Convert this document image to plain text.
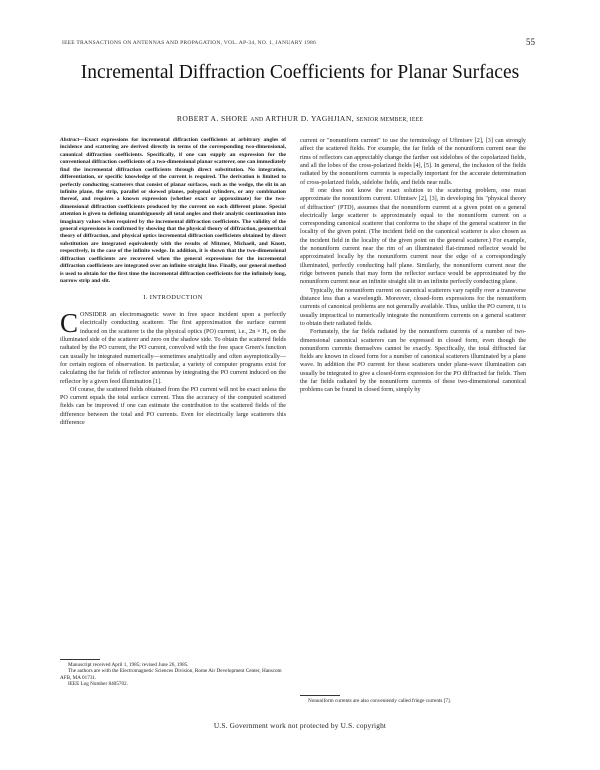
IEEE TRANSACTIONS ON ANTENNAS AND PROPAGATION, VOL. AP-34, NO. 1, JANUARY 1986	55
Incremental Diffraction Coefficients for Planar Surfaces
ROBERT A. SHORE AND ARTHUR D. YAGHJIAN, SENIOR MEMBER, IEEE
Abstract—Exact expressions for incremental diffraction coefficients at arbitrary angles of incidence and scattering are derived directly in terms of the corresponding two-dimensional, canonical diffraction coefficients. Specifically, if one can supply an expression for the conventional diffraction coefficients of a two-dimensional planar scatterer, one can immediately find the incremental diffraction coefficients through direct substitution. No integration, differentiation, or specific knowledge of the current is required. The derivation is limited to perfectly conducting scatterers that consist of planar surfaces, such as the wedge, the slit in an infinite plane, the strip, parallel or skewed planes, polygonal cylinders, or any combination thereof, and requires a known expression (whether exact or approximate) for the two-dimensional diffraction coefficients produced by the current on each different plane. Special attention is given to defining unambiguously all total angles and their analytic continuation into imaginary values when required by the incremental diffraction coefficients. The validity of the general expressions is confirmed by showing that the physical theory of diffraction, geometrical theory of diffraction, and physical optics incremental diffraction coefficients obtained by direct substitution are integrated equivalently with the results of Mitzner, Michaeli, and Knott, respectively, in the case of the infinite wedge. In addition, it is shown that the two-dimensional diffraction coefficients are recovered when the general expressions for the incremental diffraction coefficients are integrated over an infinite straight line. Finally, our general method is used to obtain for the first time the incremental diffraction coefficients for the infinitely long, narrow strip and slit.
I. INTRODUCTION

CONSIDER an electromagnetic wave in free space incident upon a perfectly electrically conducting scatterer. The first approximation the surface current induced on the scatterer is the the physical optics (PO) current, i.e., 2n × H₀ on the illuminated side of the scatterer and zero on the shadow side. To obtain the scattered fields radiated by the PO current, the PO current, convolved with the free space Green's function can usually be integrated numerically—sometimes analytically and often asymptotically—for certain regions of observation. In particular, a variety of computer programs exist for calculating the far fields of reflector antennas by integrating the PO current induced on the reflector by a given feed illumination [1].

Of course, the scattered fields obtained from the PO current will not be exact unless the PO current equals the total surface current. Thus the accuracy of the computed scattered fields can be improved if one can estimate the contribution to the scattered fields of the difference between the total and PO currents. Even for electrically large scatterers this difference

Manuscript received April 1, 1985; revised June 26, 1985.
The authors are with the Electromagnetic Sciences Division, Rome Air Development Center, Hanscom AFB, MA 01731.
IEEE Log Number 8405702.

current or "nonuniform current" to use the terminology of Ufimtsev [2], [3] can strongly affect the scattered fields. For example, the far fields of the nonuniform current near the rims of reflectors can appreciably change the farther out sidelobes of the copolarized fields, and all the lobes of the cross-polarized fields [4], [5]. In general, the inclusion of the fields radiated by the nonuniform currents is especially important for the accurate determination of cross-polarized fields, sidelobe fields, and fields near nulls.

If one does not know the exact solution to the scattering problem, one must approximate the nonuniform current. Ufimtsev [2], [3], in developing his "physical theory of diffraction" (PTD), assumes that the nonuniform current at a given point on a general electrically large scatterer is approximately equal to the nonuniform current on a corresponding canonical scatterer that conforms to the shape of the general scatterer in the locality of the given point. (The incident field on the canonical scatterer is also chosen as the incident field in the locality of the given point on the general scatterer.) For example, the nonuniform current near the rim of an illuminated flat-rimmed reflector would be approximated locally by the nonuniform current near the edge of a correspondingly illuminated, perfectly conducting half plane. Similarly, the nonuniform current near the ridge between panels that may form the reflector surface would be approximated by the nonuniform current near an infinite straight slit in an infinite perfectly conducting plane.

Typically, the nonuniform current on canonical scatterers vary rapidly over a transverse distance less than a wavelength. Moreover, closed-form expressions for the nonuniform currents of canonical problems are not generally available. Thus, unlike the PO current, it is usually impractical to numerically integrate the nonuniform currents on a general scatterer to obtain their radiated fields.

Fortunately, the far fields radiated by the nonuniform currents of a number of two-dimensional canonical scatterers can be expressed in closed form, even though the nonuniform currents themselves cannot be exactly. Specifically, the total diffracted far fields are known in closed form for a number of canonical scatterers illuminated by a plane wave. In addition the PO current for these scatterers under plane-wave illumination can usually be integrated to give a closed-form expression for the PO diffracted far fields. Then the far fields radiated by the nonuniform currents of these two-dimensional canonical problems can be found in closed form, simply by

Nonuniform currents are also conveniently called fringe currents [7].
U.S. Government work not protected by U.S. copyright
